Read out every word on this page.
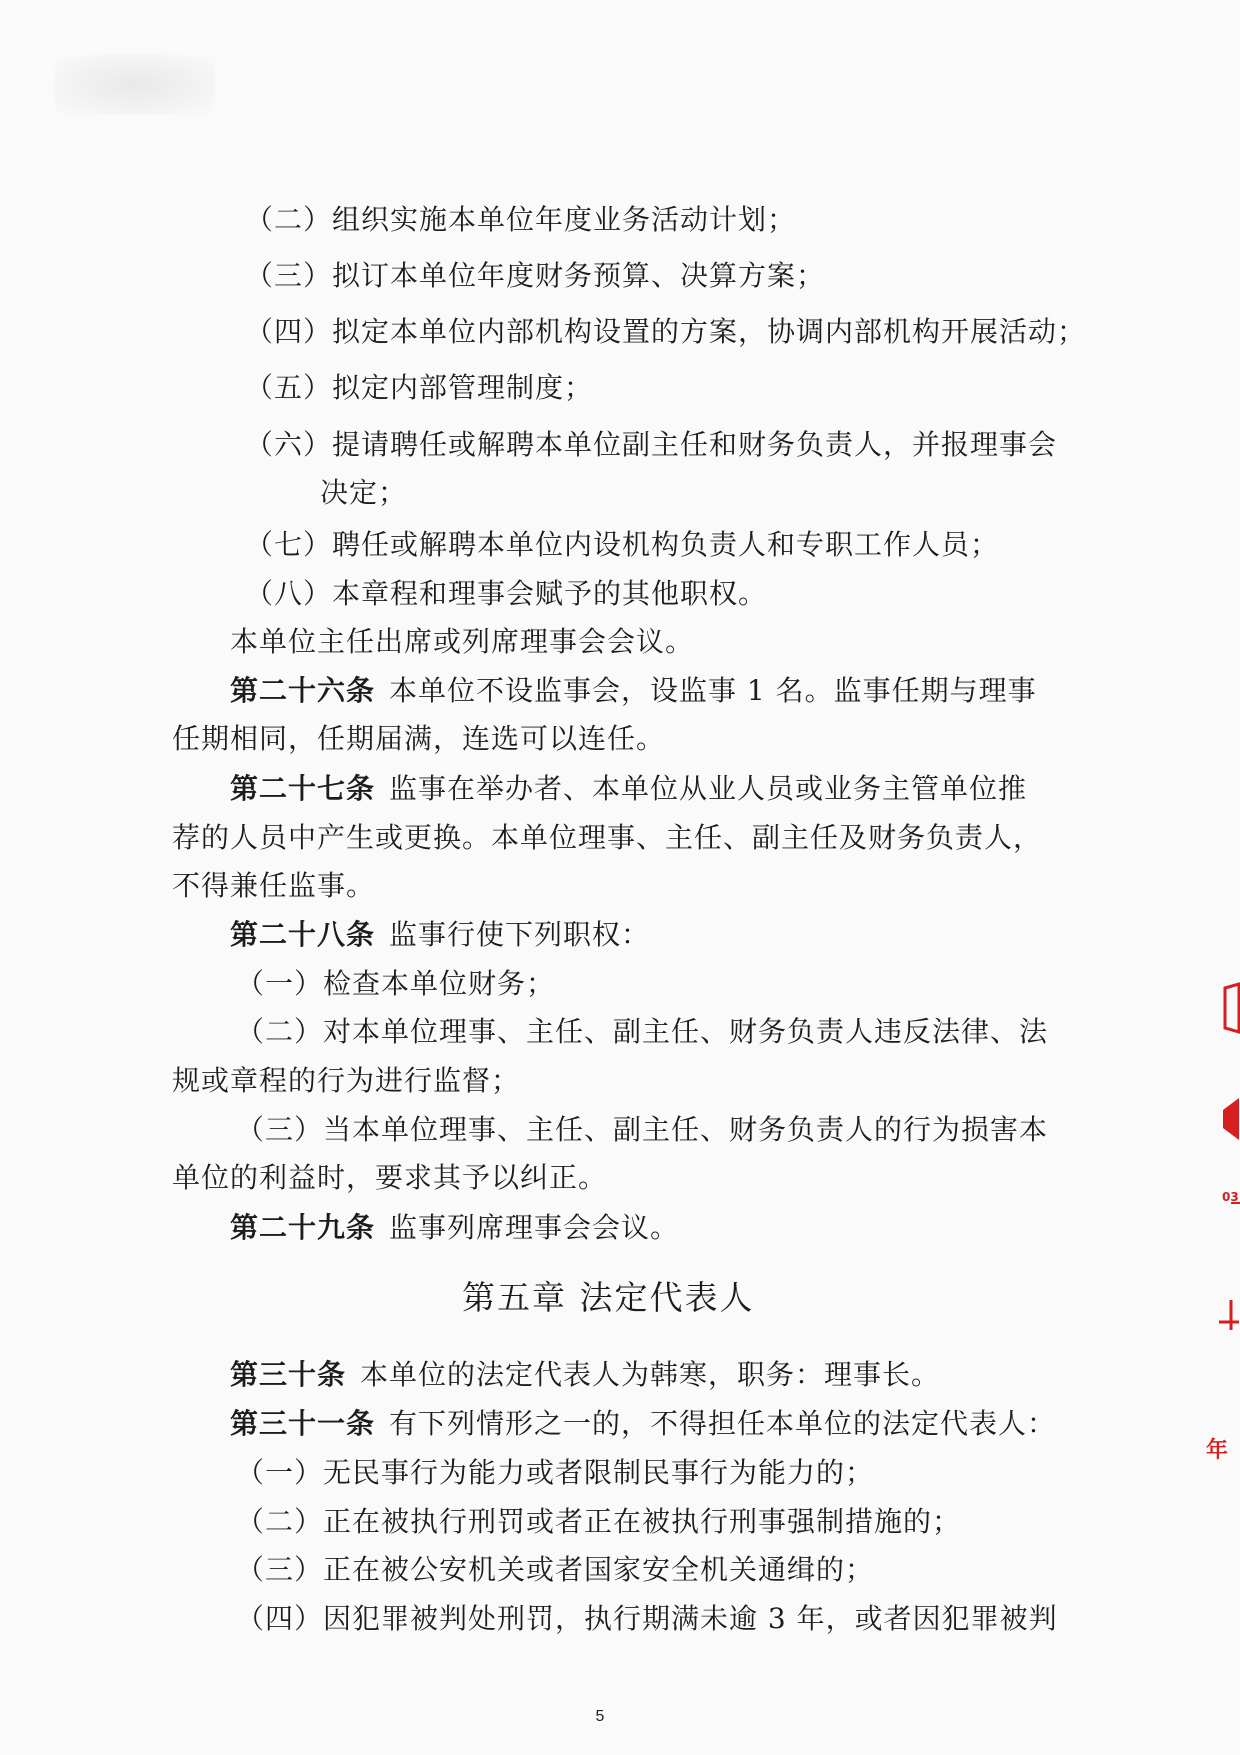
（二）组织实施本单位年度业务活动计划；
（三）拟订本单位年度财务预算、决算方案；
（四）拟定本单位内部机构设置的方案，协调内部机构开展活动；
（五）拟定内部管理制度；
（六）提请聘任或解聘本单位副主任和财务负责人，并报理事会
决定；
（七）聘任或解聘本单位内设机构负责人和专职工作人员；
（八）本章程和理事会赋予的其他职权。
本单位主任出席或列席理事会会议。
第二十六条 本单位不设监事会，设监事 1 名。监事任期与理事
任期相同，任期届满，连选可以连任。
第二十七条 监事在举办者、本单位从业人员或业务主管单位推
荐的人员中产生或更换。本单位理事、主任、副主任及财务负责人，
不得兼任监事。
第二十八条 监事行使下列职权：
（一）检查本单位财务；
（二）对本单位理事、主任、副主任、财务负责人违反法律、法
规或章程的行为进行监督；
（三）当本单位理事、主任、副主任、财务负责人的行为损害本
单位的利益时，要求其予以纠正。
第二十九条 监事列席理事会会议。
第五章 法定代表人
第三十条 本单位的法定代表人为韩寒，职务：理事长。
第三十一条 有下列情形之一的，不得担任本单位的法定代表人：
（一）无民事行为能力或者限制民事行为能力的；
（二）正在被执行刑罚或者正在被执行刑事强制措施的；
（三）正在被公安机关或者国家安全机关通缉的；
（四）因犯罪被判处刑罚，执行期满未逾 3 年，或者因犯罪被判
5
03
年
